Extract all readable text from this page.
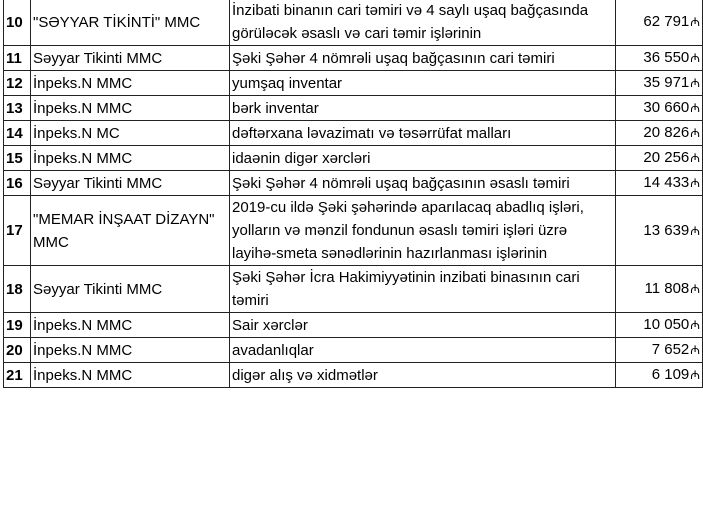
10	"SƏYYAR TİKİNTİ" MMC	İnzibati binanın cari təmiri və 4 saylı uşaq bağçasında görüləcək əsaslı və cari təmir işlərinin	62 791₼
11	Səyyar Tikinti MMC	Şəki Şəhər 4 nömrəli uşaq bağçasının cari təmiri	36 550₼
12	İnpeks.N MMC	yumşaq inventar	35 971₼
13	İnpeks.N MMC	bərk inventar	30 660₼
14	İnpeks.N MC	dəftərxana ləvazimatı və təsərrüfat malları	20 826₼
15	İnpeks.N MMC	idaənin digər xərcləri	20 256₼
16	Səyyar Tikinti MMC	Şəki Şəhər 4 nömrəli uşaq bağçasının əsaslı təmiri	14 433₼
17	"MEMAR İNŞAAT DİZAYN" MMC	2019-cu ildə Şəki şəhərində aparılacaq abadlıq işləri, yolların və mənzil fondunun əsaslı təmiri işləri üzrə layihə-smeta sənədlərinin hazırlanması işlərinin	13 639₼
18	Səyyar Tikinti MMC	Şəki Şəhər İcra Hakimiyyətinin inzibati binasının cari təmiri	11 808₼
19	İnpeks.N MMC	Sair xərclər	10 050₼
20	İnpeks.N MMC	avadanlıqlar	7 652₼
21	İnpeks.N MMC	digər alış və xidmətlər	6 109₼
